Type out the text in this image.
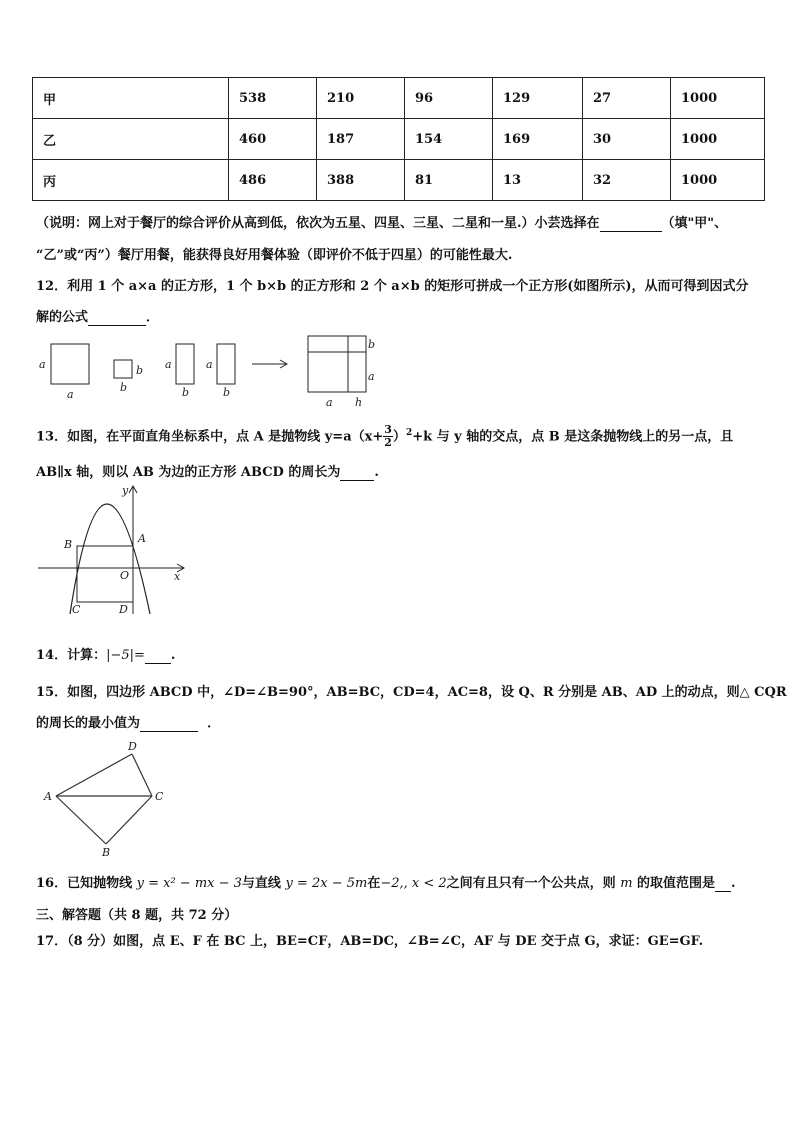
甲	538	210	96	129	27	1000
乙	460	187	154	169	30	1000
丙	486	388	81	13	32	1000
（说明：网上对于餐厅的综合评价从高到低，依次为五星、四星、三星、二星和一星.）小芸选择在	（填"甲"、
“乙”或“丙”）餐厅用餐，能获得良好用餐体验（即评价不低于四星）的可能性最大.
12．利用 1 个 a×a 的正方形，1 个 b×b 的正方形和 2 个 a×b 的矩形可拼成一个正方形(如图所示)，从而可得到因式分
解的公式	．
a
a
b
b
a
b
a
b
b
a
a h
13．如图，在平面直角坐标系中，点 A 是抛物线 $y=a(x+ \frac{3}{2} )^2+k$ 与 y 轴的交点，点 B 是这条抛物线上的另一点，且
AB∥x 轴，则以 AB 为边的正方形 ABCD 的周长为	.
y
x
B	A
O
C	D
14．计算：|−5|= .
15．如图，四边形 ABCD 中，∠D=∠B=90°，AB=BC，CD=4，AC=8，设 Q、R 分别是 AB、AD 上的动点，则△ CQR
的周长的最小值为	．
A
D
C
B
16．已知抛物线 y = x² − mx − 3与直线 y = 2x − 5m在−2,, x < 2之间有且只有一个公共点，则 m 的取值范围是 .
三、解答题（共 8 题，共 72 分）
17．（8 分）如图，点 E、F 在 BC 上，BE=CF，AB=DC，∠B=∠C，AF 与 DE 交于点 G，求证：GE=GF.
